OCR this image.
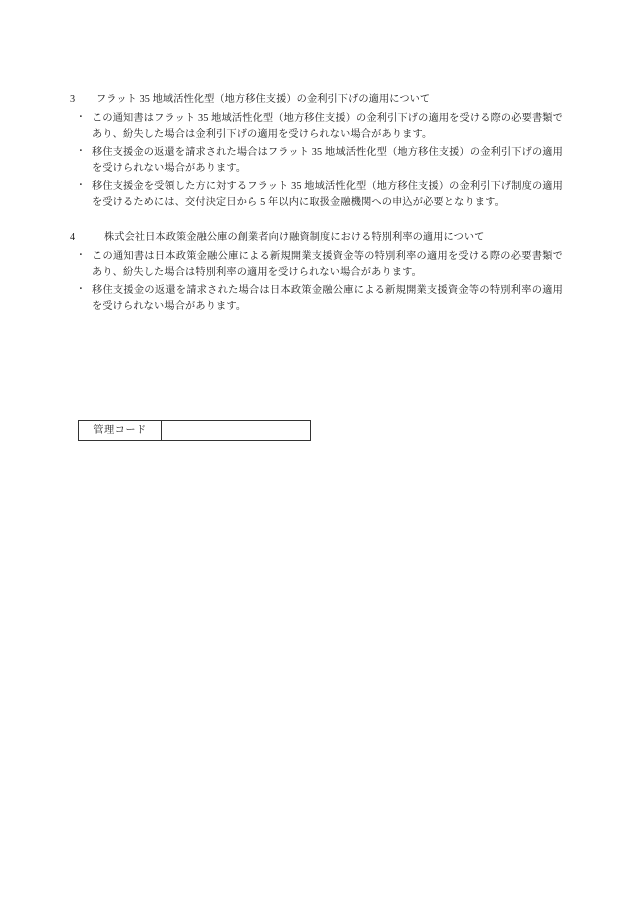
3	フラット 35 地域活性化型（地方移住支援）の金利引下げの適用について
・ この通知書はフラット 35 地域活性化型（地方移住支援）の金利引下げの適用を受ける際の必要書類であり、紛失した場合は金利引下げの適用を受けられない場合があります。
・ 移住支援金の返還を請求された場合はフラット 35 地域活性化型（地方移住支援）の金利引下げの適用を受けられない場合があります。
・ 移住支援金を受領した方に対するフラット 35 地域活性化型（地方移住支援）の金利引下げ制度の適用を受けるためには、交付決定日から 5 年以内に取扱金融機関への申込が必要となります。
4	株式会社日本政策金融公庫の創業者向け融資制度における特別利率の適用について
・ この通知書は日本政策金融公庫による新規開業支援資金等の特別利率の適用を受ける際の必要書類であり、紛失した場合は特別利率の適用を受けられない場合があります。
・ 移住支援金の返還を請求された場合は日本政策金融公庫による新規開業支援資金等の特別利率の適用を受けられない場合があります。
管理コード	
